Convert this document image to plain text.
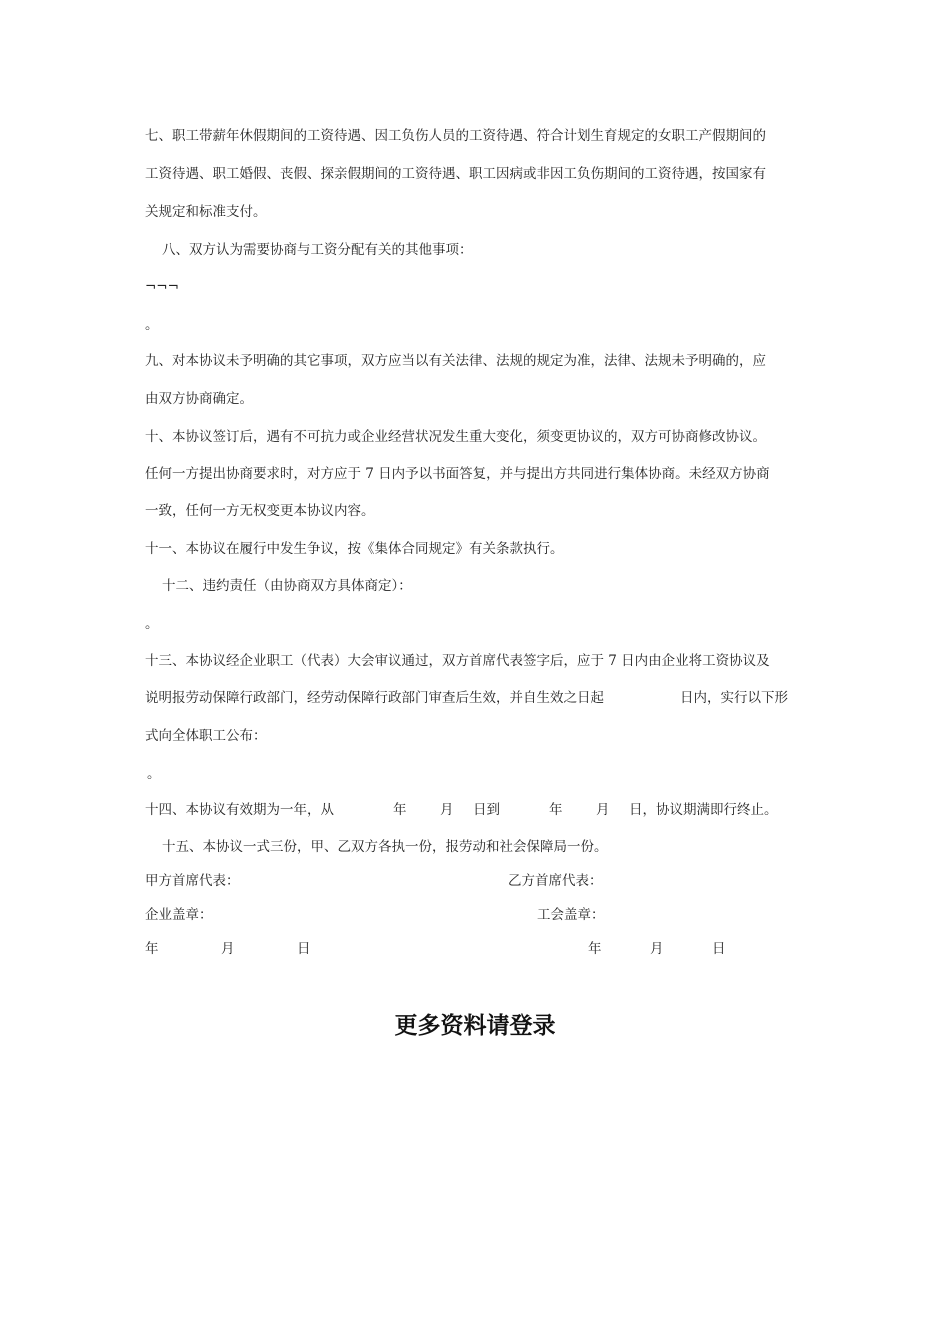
七、职工带薪年休假期间的工资待遇、因工负伤人员的工资待遇、符合计划生育规定的女职工产假期间的
工资待遇、职工婚假、丧假、探亲假期间的工资待遇、职工因病或非因工负伤期间的工资待遇，按国家有
关规定和标准支付。
八、双方认为需要协商与工资分配有关的其他事项：
¬¬¬
。
九、对本协议未予明确的其它事项，双方应当以有关法律、法规的规定为准，法律、法规未予明确的，应
由双方协商确定。
十、本协议签订后，遇有不可抗力或企业经营状况发生重大变化，须变更协议的，双方可协商修改协议。
任何一方提出协商要求时，对方应于 7 日内予以书面答复，并与提出方共同进行集体协商。未经双方协商
一致，任何一方无权变更本协议内容。
十一、本协议在履行中发生争议，按《集体合同规定》有关条款执行。
十二、违约责任（由协商双方具体商定）：
。
十三、本协议经企业职工（代表）大会审议通过，双方首席代表签字后，应于 7 日内由企业将工资协议及
说明报劳动保障行政部门，经劳动保障行政部门审查后生效，并自生效之日起	日内，实行以下形
式向全体职工公布：
。
十四、本协议有效期为一年，从	年 月 日到	年 月 日，协议期满即行终止。
十五、本协议一式三份，甲、乙双方各执一份，报劳动和社会保障局一份。
甲方首席代表：	乙方首席代表：
企业盖章：	工会盖章：
年	月	日	年	月	日
更多资料请登录
